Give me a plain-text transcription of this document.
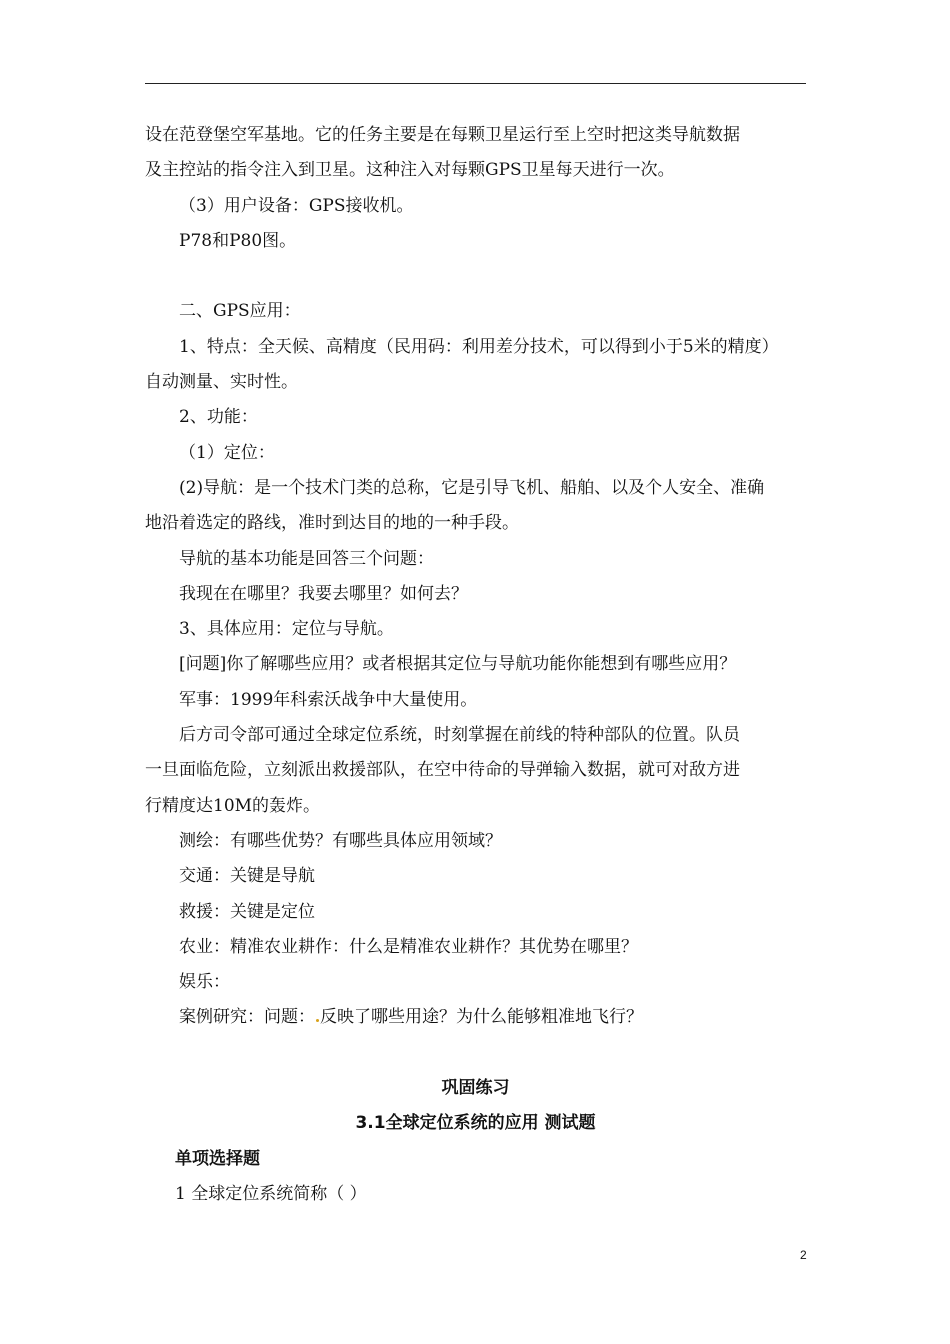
设在范登堡空军基地。它的任务主要是在每颗卫星运行至上空时把这类导航数据

及主控站的指令注入到卫星。这种注入对每颗GPS卫星每天进行一次。

（3）用户设备：GPS接收机。

P78和P80图。

二、GPS应用：

1、特点：全天候、高精度（民用码：利用差分技术，可以得到小于5米的精度）

自动测量、实时性。

2、功能：

（1）定位：

(2)导航：是一个技术门类的总称，它是引导飞机、船舶、以及个人安全、准确

地沿着选定的路线，准时到达目的地的一种手段。

导航的基本功能是回答三个问题：

我现在在哪里？我要去哪里？如何去？

3、具体应用：定位与导航。

[问题]你了解哪些应用？或者根据其定位与导航功能你能想到有哪些应用？

军事：1999年科索沃战争中大量使用。

后方司令部可通过全球定位系统，时刻掌握在前线的特种部队的位置。队员

一旦面临危险，立刻派出救援部队，在空中待命的导弹输入数据，就可对敌方进

行精度达10M的轰炸。

测绘：有哪些优势？有哪些具体应用领域？

交通：关键是导航

救援：关键是定位

农业：精准农业耕作：什么是精准农业耕作？其优势在哪里？

娱乐：

案例研究：问题： 反映了哪些用途？为什么能够粗准地飞行？

巩固练习

3.1全球定位系统的应用 测试题

单项选择题

1 全球定位系统简称（ ）

2
